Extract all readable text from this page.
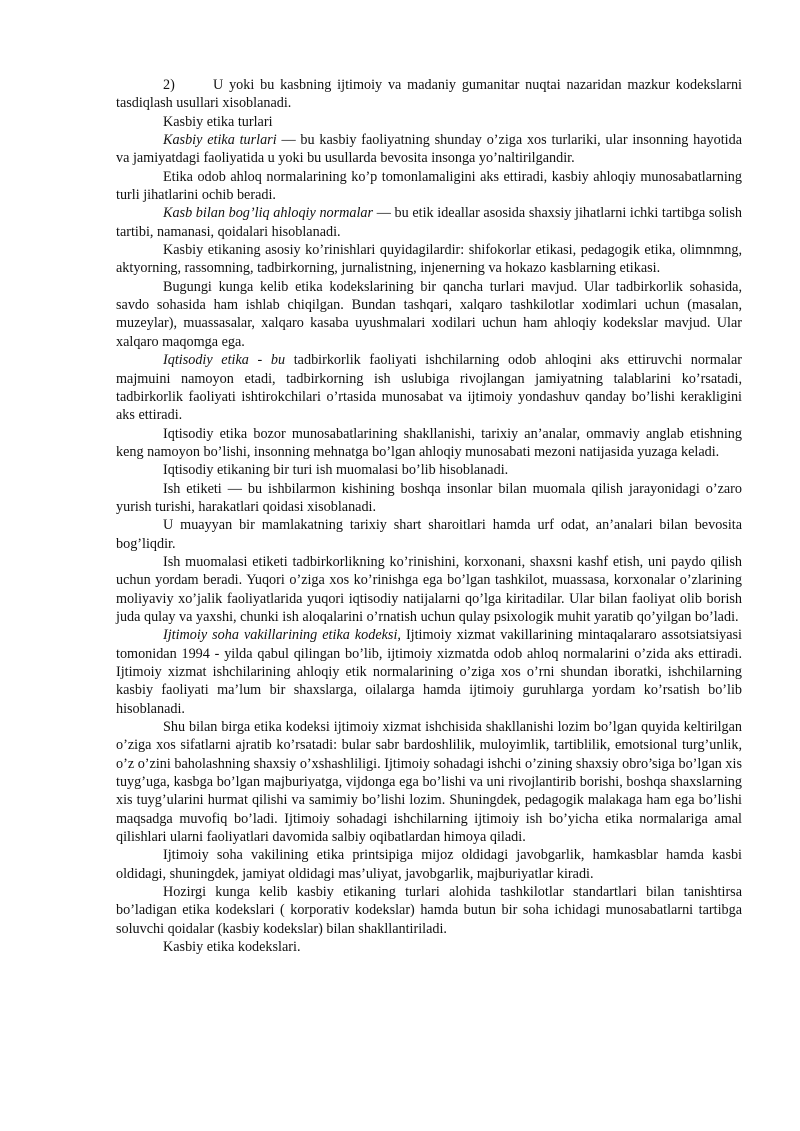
2)	U yoki bu kasbning ijtimoiy va madaniy gumanitar nuqtai nazaridan mazkur kodekslarni tasdiqlash usullari xisoblanadi.

Kasbiy etika turlari

Kasbiy etika turlari — bu kasbiy faoliyatning shunday o’ziga xos turlariki, ular insonning hayotida va jamiyatdagi faoliyatida u yoki bu usullarda bevosita insonga yo’naltirilgandir.

Etika odob ahloq normalarining ko’p tomonlamaligini aks ettiradi, kasbiy ahloqiy munosabatlarning turli jihatlarini ochib beradi.

Kasb bilan bog’liq ahloqiy normalar — bu etik ideallar asosida shaxsiy jihatlarni ichki tartibga solish tartibi, namanasi, qoidalari hisoblanadi.

Kasbiy etikaning asosiy ko’rinishlari quyidagilardir: shifokorlar etikasi, pedagogik etika, olimnmng, aktyorning, rassomning, tadbirkorning, jurnalistning, injenerning va hokazo kasblarning etikasi.

Bugungi kunga kelib etika kodekslarining bir qancha turlari mavjud. Ular tadbirkorlik sohasida, savdo sohasida ham ishlab chiqilgan. Bundan tashqari, xalqaro tashkilotlar xodimlari uchun (masalan, muzeylar), muassasalar, xalqaro kasaba uyushmalari xodilari uchun ham ahloqiy kodekslar mavjud. Ular xalqaro maqomga ega.

Iqtisodiy etika - bu tadbirkorlik faoliyati ishchilarning odob ahloqini aks ettiruvchi normalar majmuini namoyon etadi, tadbirkorning ish uslubiga rivojlangan jamiyatning talablarini ko’rsatadi, tadbirkorlik faoliyati ishtirokchilari o’rtasida munosabat va ijtimoiy yondashuv qanday bo’lishi kerakligini aks ettiradi.

Iqtisodiy etika bozor munosabatlarining shakllanishi, tarixiy an’analar, ommaviy anglab etishning keng namoyon bo’lishi, insonning mehnatga bo’lgan ahloqiy munosabati mezoni natijasida yuzaga keladi.

Iqtisodiy etikaning bir turi ish muomalasi bo’lib hisoblanadi.

Ish etiketi — bu ishbilarmon kishining boshqa insonlar bilan muomala qilish jarayonidagi o’zaro yurish turishi, harakatlari qoidasi xisoblanadi.

U muayyan bir mamlakatning tarixiy shart sharoitlari hamda urf odat, an’analari bilan bevosita bog’liqdir.

Ish muomalasi etiketi tadbirkorlikning ko’rinishini, korxonani, shaxsni kashf etish, uni paydo qilish uchun yordam beradi. Yuqori o’ziga xos ko’rinishga ega bo’lgan tashkilot, muassasa, korxonalar o’zlarining moliyaviy xo’jalik faoliyatlarida yuqori iqtisodiy natijalarni qo’lga kiritadilar. Ular bilan faoliyat olib borish juda qulay va yaxshi, chunki ish aloqalarini o’rnatish uchun qulay psixologik muhit yaratib qo’yilgan bo’ladi.

Ijtimoiy soha vakillarining etika kodeksi, Ijtimoiy xizmat vakillarining mintaqalararo assotsiatsiyasi tomonidan 1994 - yilda qabul qilingan bo’lib, ijtimoiy xizmatda odob ahloq normalarini o’zida aks ettiradi. Ijtimoiy xizmat ishchilarining ahloqiy etik normalarining o’ziga xos o’rni shundan iboratki, ishchilarning kasbiy faoliyati ma’lum bir shaxslarga, oilalarga hamda ijtimoiy guruhlarga yordam ko’rsatish bo’lib hisoblanadi.

Shu bilan birga etika kodeksi ijtimoiy xizmat ishchisida shakllanishi lozim bo’lgan quyida keltirilgan o’ziga xos sifatlarni ajratib ko’rsatadi: bular sabr bardoshlilik, muloyimlik, tartiblilik, emotsional turg’unlik, o’z o’zini baholashning shaxsiy o’xshashliligi. Ijtimoiy sohadagi ishchi o’zining shaxsiy obro’siga bo’lgan xis tuyg’uga, kasbga bo’lgan majburiyatga, vijdonga ega bo’lishi va uni rivojlantirib borishi, boshqa shaxslarning xis tuyg’ularini hurmat qilishi va samimiy bo’lishi lozim. Shuningdek, pedagogik malakaga ham ega bo’lishi maqsadga muvofiq bo’ladi. Ijtimoiy sohadagi ishchilarning ijtimoiy ish bo’yicha etika normalariga amal qilishlari ularni faoliyatlari davomida salbiy oqibatlardan himoya qiladi.

Ijtimoiy soha vakilining etika printsipiga mijoz oldidagi javobgarlik, hamkasblar hamda kasbi oldidagi, shuningdek, jamiyat oldidagi mas’uliyat, javobgarlik, majburiyatlar kiradi.

Hozirgi kunga kelib kasbiy etikaning turlari alohida tashkilotlar standartlari bilan tanishtirsa bo’ladigan etika kodekslari ( korporativ kodekslar) hamda butun bir soha ichidagi munosabatlarni tartibga soluvchi qoidalar (kasbiy kodekslar) bilan shakllantiriladi.

Kasbiy etika kodekslari.
